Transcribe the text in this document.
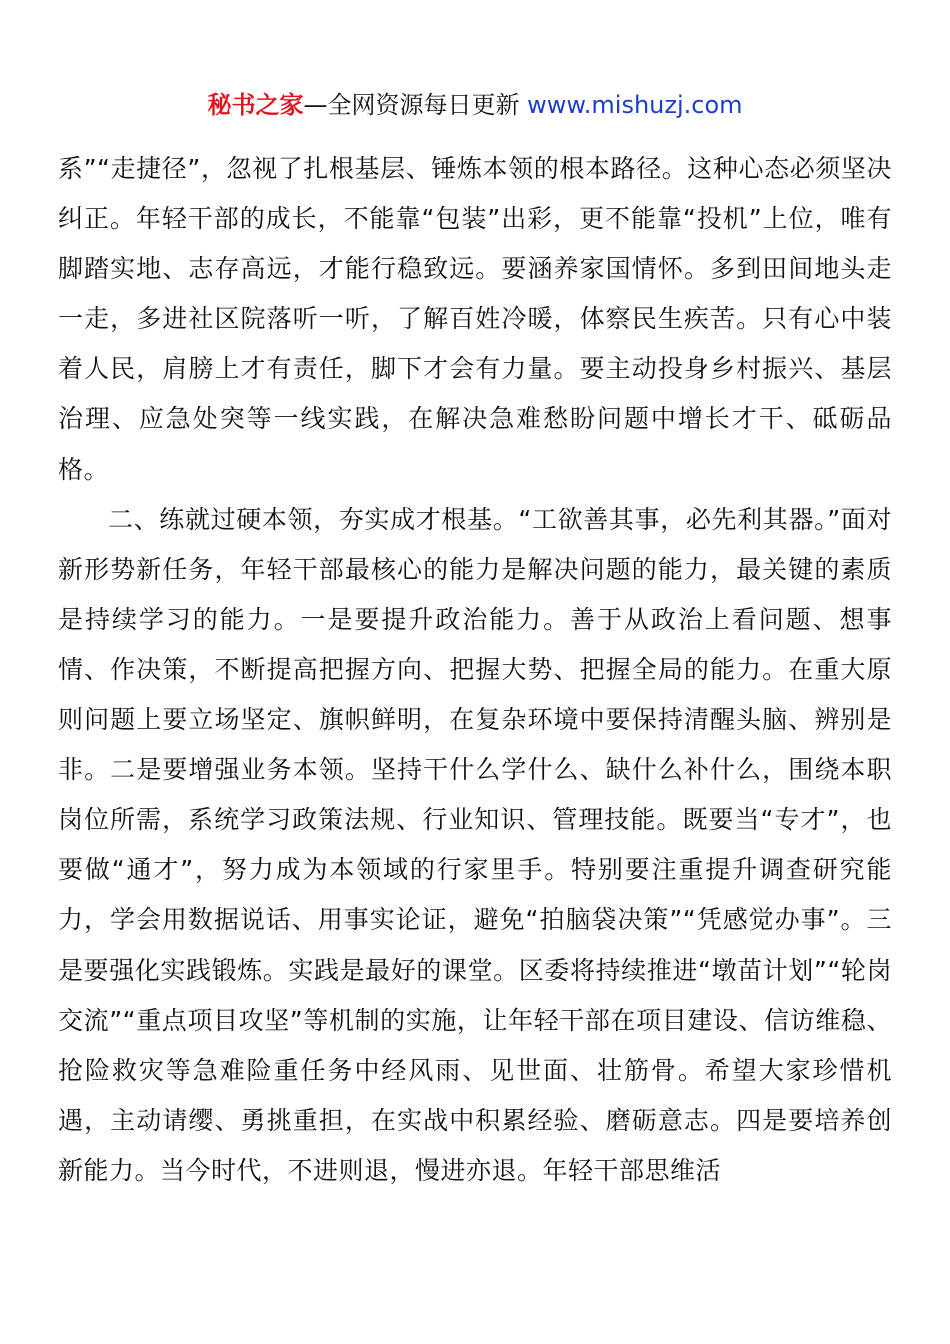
秘书之家—全网资源每日更新 www.mishuzj.com

系”“走捷径”，忽视了扎根基层、锤炼本领的根本路径。这种心态必须坚决纠正。年轻干部的成长，不能靠“包装”出彩，更不能靠“投机”上位，唯有脚踏实地、志存高远，才能行稳致远。要涵养家国情怀。多到田间地头走一走，多进社区院落听一听，了解百姓冷暖，体察民生疾苦。只有心中装着人民，肩膀上才有责任，脚下才会有力量。要主动投身乡村振兴、基层治理、应急处突等一线实践，在解决急难愁盼问题中增长才干、砥砺品格。

二、练就过硬本领，夯实成才根基。“工欲善其事，必先利其器。”面对新形势新任务，年轻干部最核心的能力是解决问题的能力，最关键的素质是持续学习的能力。一是要提升政治能力。善于从政治上看问题、想事情、作决策，不断提高把握方向、把握大势、把握全局的能力。在重大原则问题上要立场坚定、旗帜鲜明，在复杂环境中要保持清醒头脑、辨别是非。二是要增强业务本领。坚持干什么学什么、缺什么补什么，围绕本职岗位所需，系统学习政策法规、行业知识、管理技能。既要当“专才”，也要做“通才”，努力成为本领域的行家里手。特别要注重提升调查研究能力，学会用数据说话、用事实论证，避免“拍脑袋决策”“凭感觉办事”。三是要强化实践锻炼。实践是最好的课堂。区委将持续推进“墩苗计划”“轮岗交流”“重点项目攻坚”等机制的实施，让年轻干部在项目建设、信访维稳、抢险救灾等急难险重任务中经风雨、见世面、壮筋骨。希望大家珍惜机遇，主动请缨、勇挑重担，在实战中积累经验、磨砺意志。四是要培养创新能力。当今时代，不进则退，慢进亦退。年轻干部思维活
